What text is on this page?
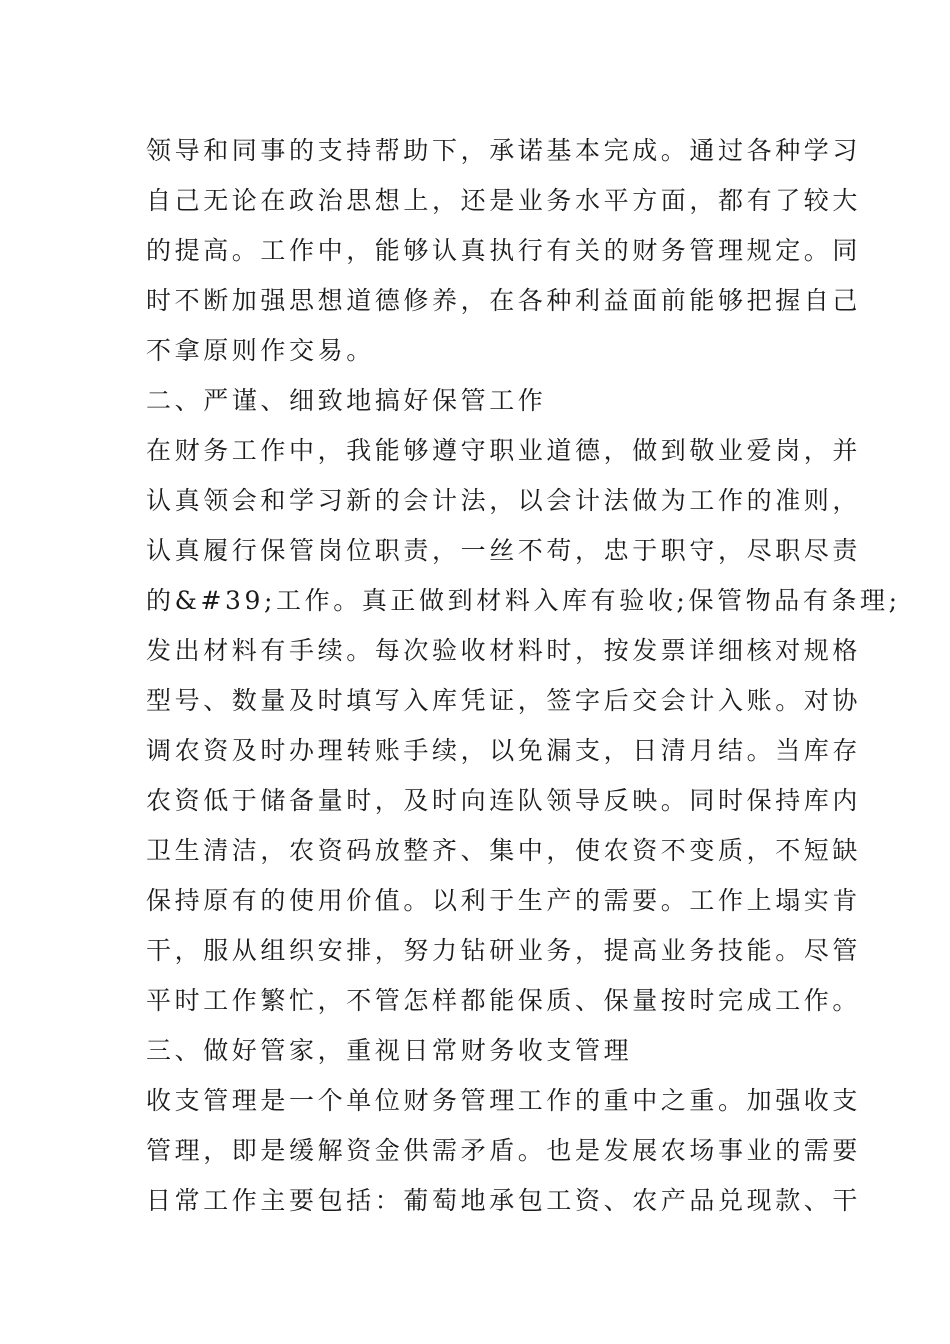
领导和同事的支持帮助下，承诺基本完成。通过各种学习
自己无论在政治思想上，还是业务水平方面，都有了较大
的提高。工作中，能够认真执行有关的财务管理规定。同
时不断加强思想道德修养，在各种利益面前能够把握自己
不拿原则作交易。
二、严谨、细致地搞好保管工作
在财务工作中，我能够遵守职业道德，做到敬业爱岗，并
认真领会和学习新的会计法，以会计法做为工作的准则，
认真履行保管岗位职责，一丝不苟，忠于职守，尽职尽责
的&#39;工作。真正做到材料入库有验收;保管物品有条理;
发出材料有手续。每次验收材料时，按发票详细核对规格
型号、数量及时填写入库凭证，签字后交会计入账。对协
调农资及时办理转账手续，以免漏支，日清月结。当库存
农资低于储备量时，及时向连队领导反映。同时保持库内
卫生清洁，农资码放整齐、集中，使农资不变质，不短缺
保持原有的使用价值。以利于生产的需要。工作上塌实肯
干，服从组织安排，努力钻研业务，提高业务技能。尽管
平时工作繁忙，不管怎样都能保质、保量按时完成工作。
三、做好管家，重视日常财务收支管理
收支管理是一个单位财务管理工作的重中之重。加强收支
管理，即是缓解资金供需矛盾。也是发展农场事业的需要
日常工作主要包括：葡萄地承包工资、农产品兑现款、干
